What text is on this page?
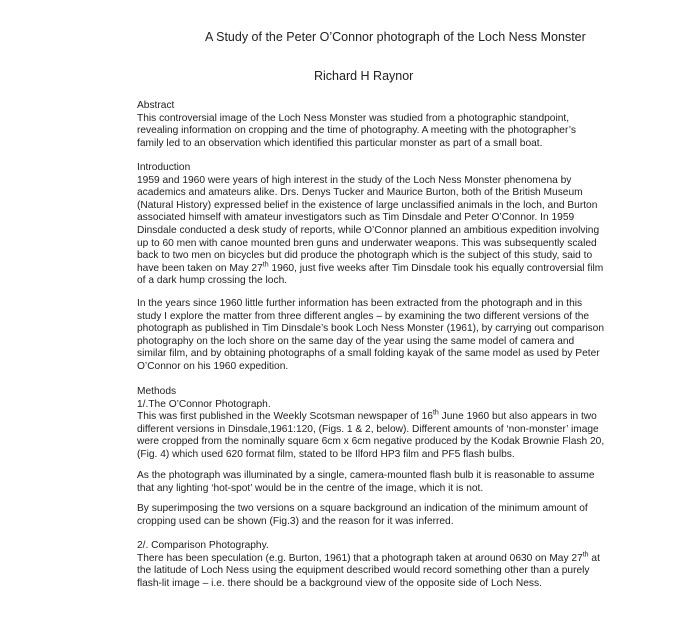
A Study of the Peter O’Connor photograph of the Loch Ness Monster
Richard H Raynor
Abstract

This controversial image of the Loch Ness Monster was studied from a photographic standpoint, revealing information on cropping and the time of photography. A meeting with the photographer’s family led to an observation which identified this particular monster as part of a small boat.

Introduction

1959 and 1960 were years of high interest in the study of the Loch Ness Monster phenomena by academics and amateurs alike. Drs. Denys Tucker and Maurice Burton, both of the British Museum (Natural History) expressed belief in the existence of large unclassified animals in the loch, and Burton associated himself with amateur investigators such as Tim Dinsdale and Peter O’Connor. In 1959 Dinsdale conducted a desk study of reports, while O’Connor planned an ambitious expedition involving up to 60 men with canoe mounted bren guns and underwater weapons. This was subsequently scaled back to two men on bicycles but did produce the photograph which is the subject of this study, said to have been taken on May 27th 1960, just five weeks after Tim Dinsdale took his equally controversial film of a dark hump crossing the loch.

In the years since 1960 little further information has been extracted from the photograph and in this study I explore the matter from three different angles – by examining the two different versions of the photograph as published in Tim Dinsdale’s book Loch Ness Monster (1961), by carrying out comparison photography on the loch shore on the same day of the year using the same model of camera and similar film, and by obtaining photographs of a small folding kayak of the same model as used by Peter O’Connor on his 1960 expedition.

Methods
1/.The O’Connor Photograph.

This was first published in the Weekly Scotsman newspaper of 16th June 1960 but also appears in two different versions in Dinsdale,1961:120, (Figs. 1 & 2, below). Different amounts of ‘non-monster’ image were cropped from the nominally square 6cm x 6cm negative produced by the Kodak Brownie Flash 20, (Fig. 4) which used 620 format film, stated to be Ilford HP3 film and PF5 flash bulbs.

As the photograph was illuminated by a single, camera-mounted flash bulb it is reasonable to assume that any lighting ‘hot-spot’ would be in the centre of the image, which it is not.

By superimposing the two versions on a square background an indication of the minimum amount of cropping used can be shown (Fig.3) and the reason for it was inferred.

2/. Comparison Photography.

There has been speculation (e.g. Burton, 1961) that a photograph taken at around 0630 on May 27th at the latitude of Loch Ness using the equipment described would record something other than a purely flash-lit image – i.e. there should be a background view of the opposite side of Loch Ness.
